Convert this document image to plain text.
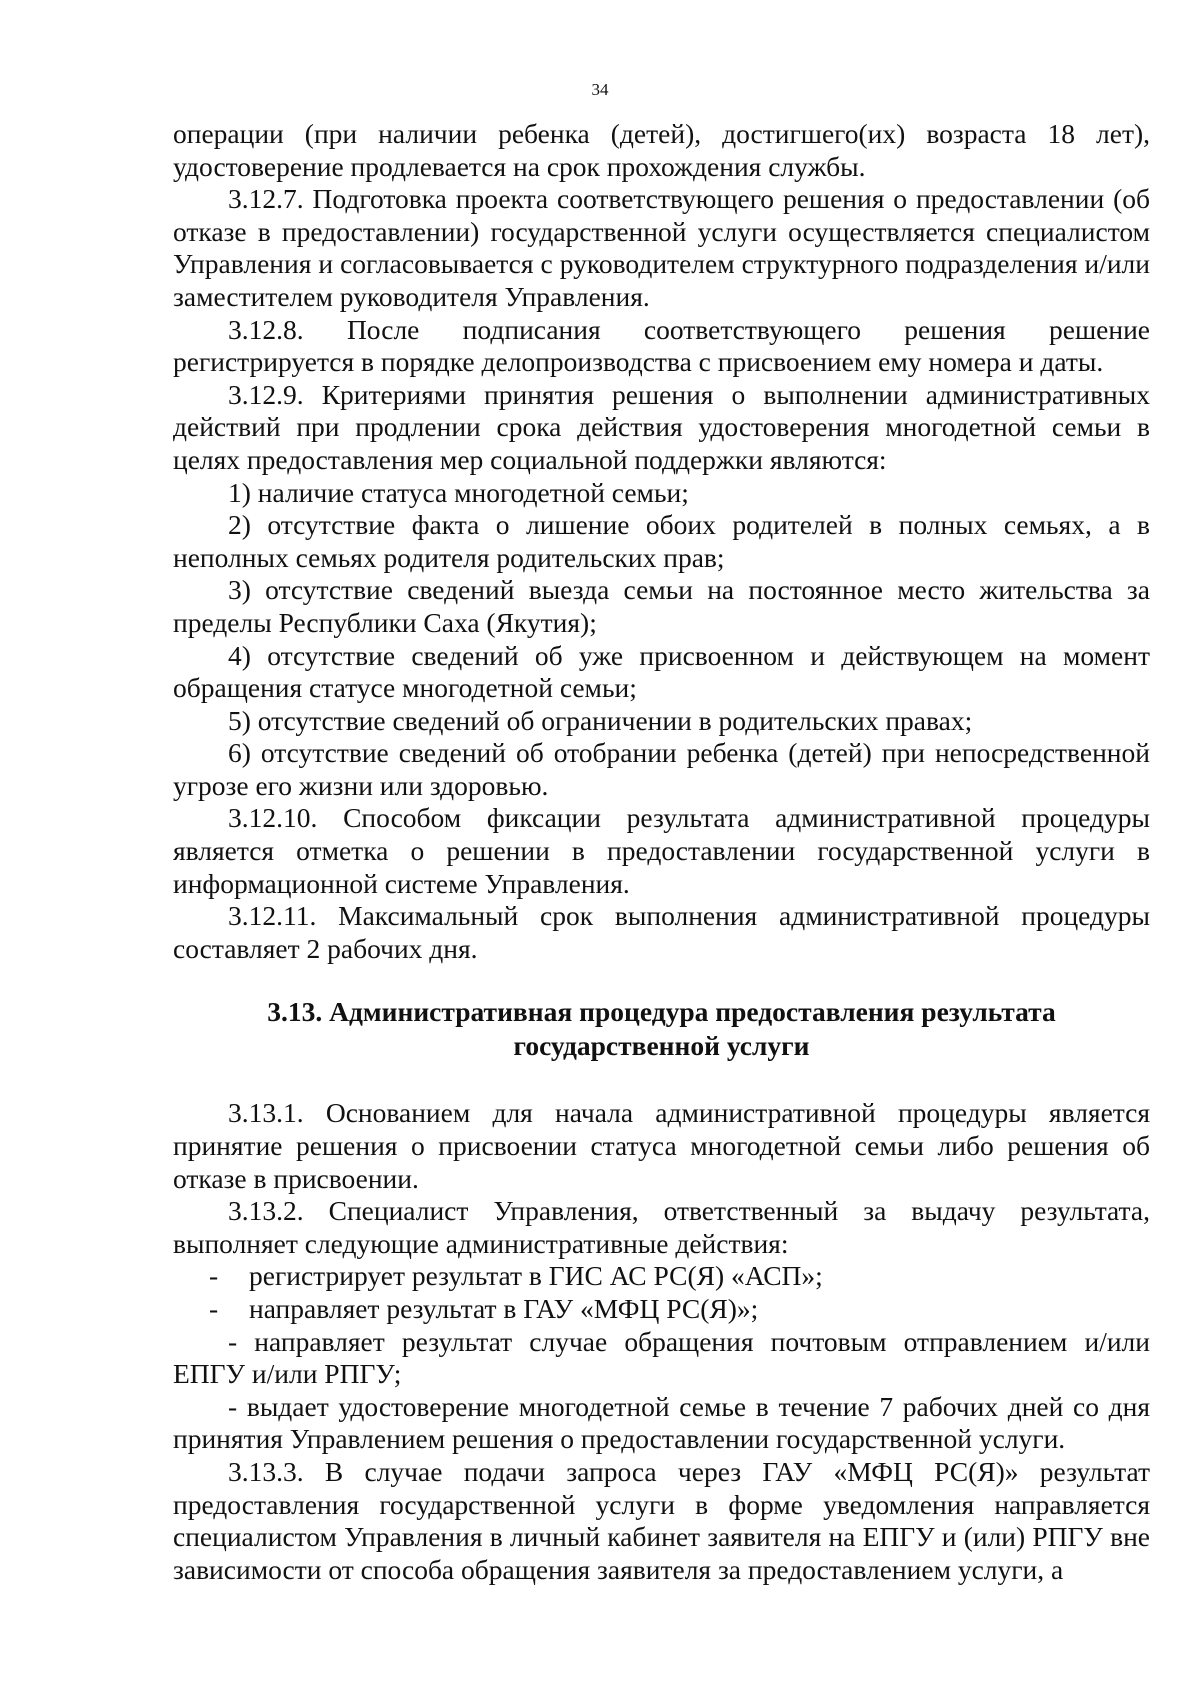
34

операции (при наличии ребенка (детей), достигшего(их) возраста 18 лет), удостоверение продлевается на срок прохождения службы.

3.12.7. Подготовка проекта соответствующего решения о предоставлении (об отказе в предоставлении) государственной услуги осуществляется специалистом Управления и согласовывается с руководителем структурного подразделения и/или заместителем руководителя Управления.

3.12.8. После подписания соответствующего решения решение регистрируется в порядке делопроизводства с присвоением ему номера и даты.

3.12.9. Критериями принятия решения о выполнении административных действий при продлении срока действия удостоверения многодетной семьи в целях предоставления мер социальной поддержки являются:

1) наличие статуса многодетной семьи;

2) отсутствие факта о лишение обоих родителей в полных семьях, а в неполных семьях родителя родительских прав;

3) отсутствие сведений выезда семьи на постоянное место жительства за пределы Республики Саха (Якутия);

4) отсутствие сведений об уже присвоенном и действующем на момент обращения статусе многодетной семьи;

5) отсутствие сведений об ограничении в родительских правах;

6) отсутствие сведений об отобрании ребенка (детей) при непосредственной угрозе его жизни или здоровью.

3.12.10. Способом фиксации результата административной процедуры является отметка о решении в предоставлении государственной услуги в информационной системе Управления.

3.12.11. Максимальный срок выполнения административной процедуры составляет 2 рабочих дня.

3.13. Административная процедура предоставления результата
государственной услуги

3.13.1. Основанием для начала административной процедуры является принятие решения о присвоении статуса многодетной семьи либо решения об отказе в присвоении.

3.13.2. Специалист Управления, ответственный за выдачу результата, выполняет следующие административные действия:

- регистрирует результат в ГИС АС РС(Я) «АСП»;

- направляет результат в ГАУ «МФЦ РС(Я)»;

- направляет результат случае обращения почтовым отправлением и/или ЕПГУ и/или РПГУ;

- выдает удостоверение многодетной семье в течение 7 рабочих дней со дня принятия Управлением решения о предоставлении государственной услуги.

3.13.3. В случае подачи запроса через ГАУ «МФЦ РС(Я)» результат предоставления государственной услуги в форме уведомления направляется специалистом Управления в личный кабинет заявителя на ЕПГУ и (или) РПГУ вне зависимости от способа обращения заявителя за предоставлением услуги, а
